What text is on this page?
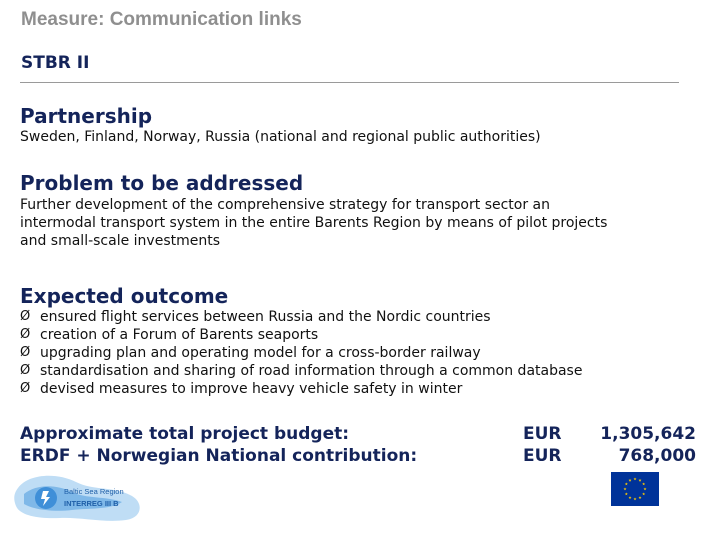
Measure: Communication links
STBR II
Partnership
Sweden, Finland, Norway, Russia (national and regional public authorities)
Problem to be addressed
Further development of the comprehensive strategy for transport sector an
intermodal transport system in the entire Barents Region by means of pilot projects
and small-scale investments
Expected outcome
Ø ensured flight services between Russia and the Nordic countries
Ø creation of a Forum of Barents seaports
Ø upgrading plan and operating model for a cross-border railway
Ø standardisation and sharing of road information through a common database
Ø devised measures to improve heavy vehicle safety in winter
Approximate total project budget:
ERDF + Norwegian National contribution:
EUR	1,305,642
EUR	768,000
Baltic Sea Region
INTERREG III B
